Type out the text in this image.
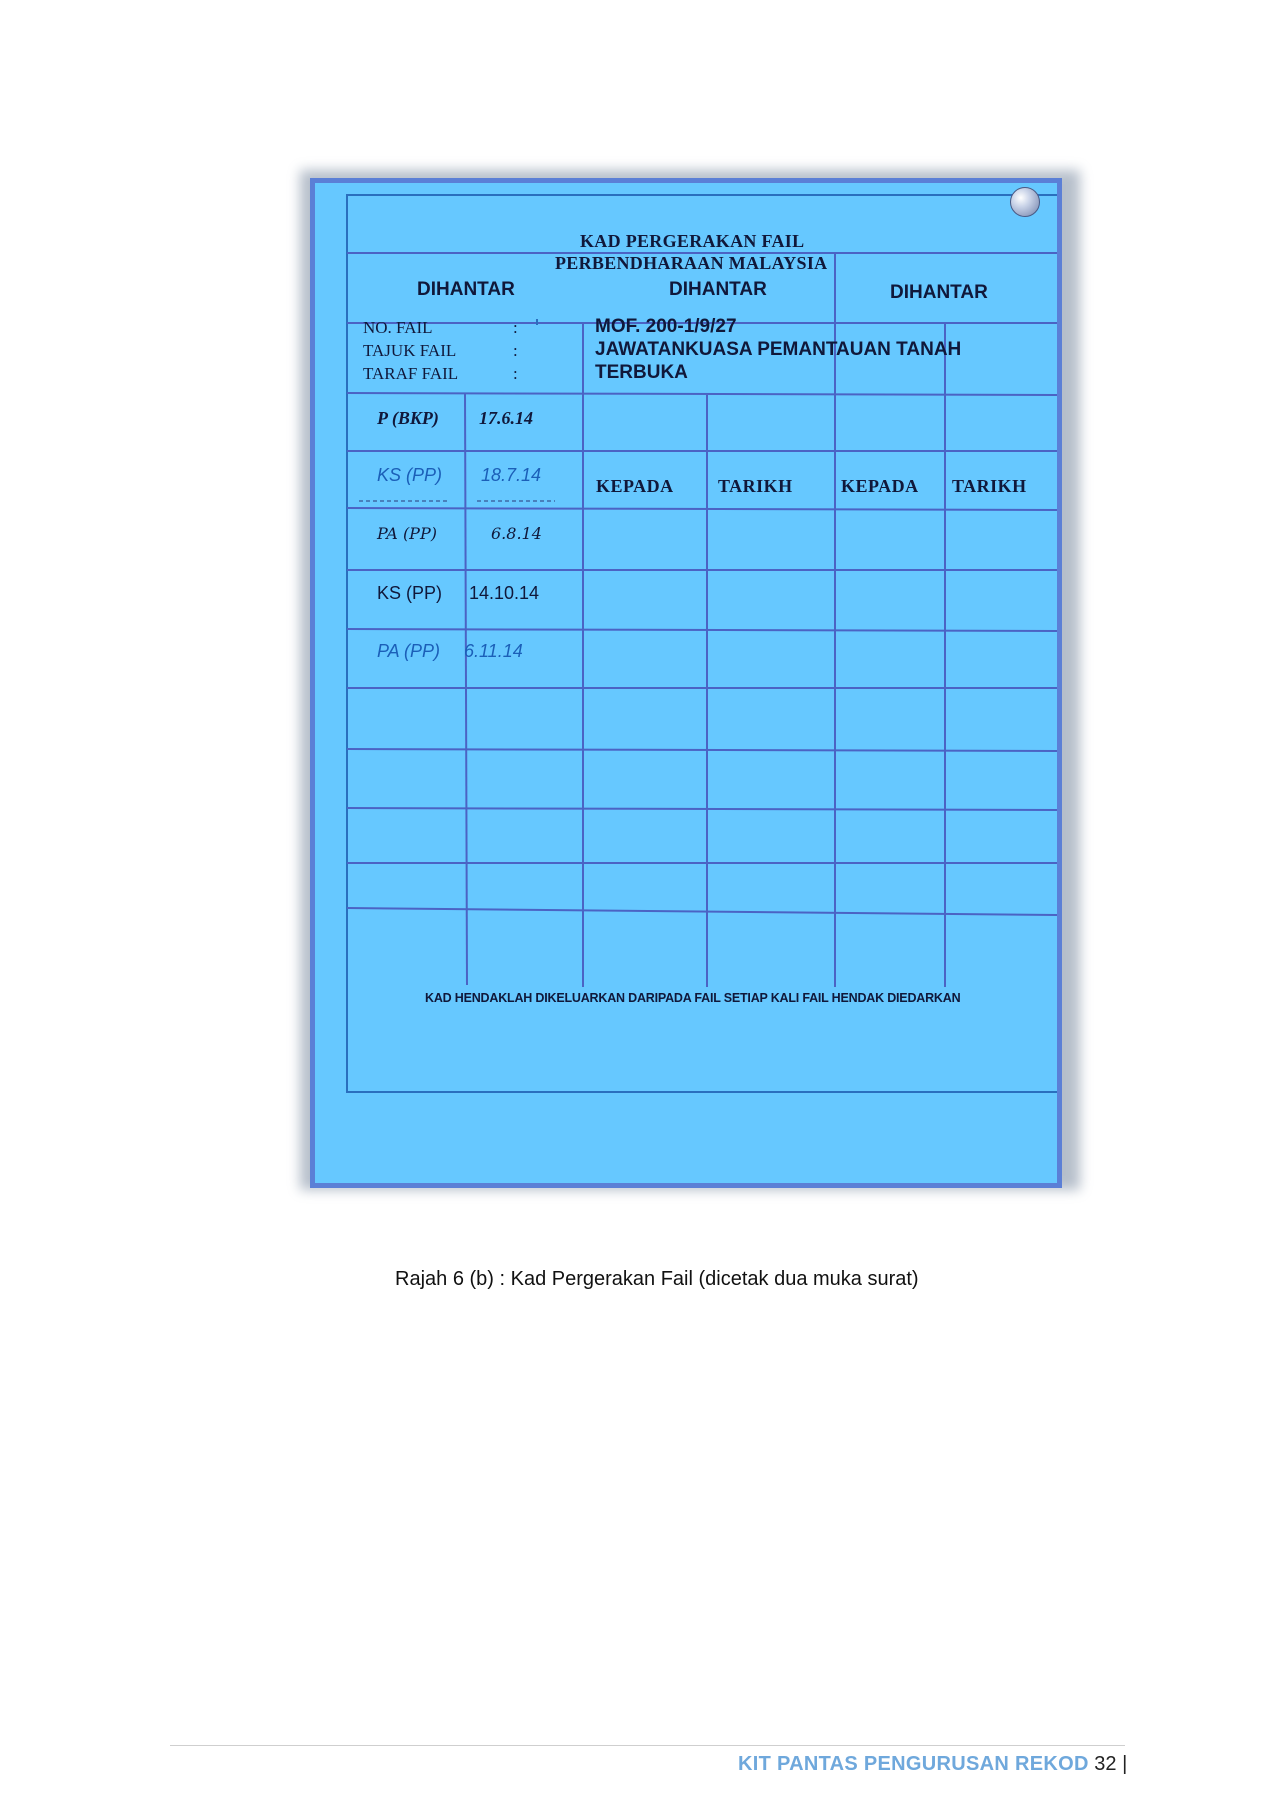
KAD PERGERAKAN FAIL
PERBENDHARAAN MALAYSIA
DIHANTAR	DIHANTAR	DIHANTAR
NO. FAIL	:	MOF. 200-1/9/27
TAJUK FAIL	:	JAWATANKUASA PEMANTAUAN TANAH
TARAF FAIL	:	TERBUKA
KEPADA TARIKH	KEPADA TARIKH
P (BKP) 17.6.14
KS (PP) 18.7.14
PA (PP)	6.8.14
KS (PP) 14.10.14
PA (PP) 6.11.14
KAD HENDAKLAH DIKELUARKAN DARIPADA FAIL SETIAP KALI FAIL HENDAK DIEDARKAN
Rajah 6 (b) : Kad Pergerakan Fail (dicetak dua muka surat)
KIT PANTAS PENGURUSAN REKOD 32 |
